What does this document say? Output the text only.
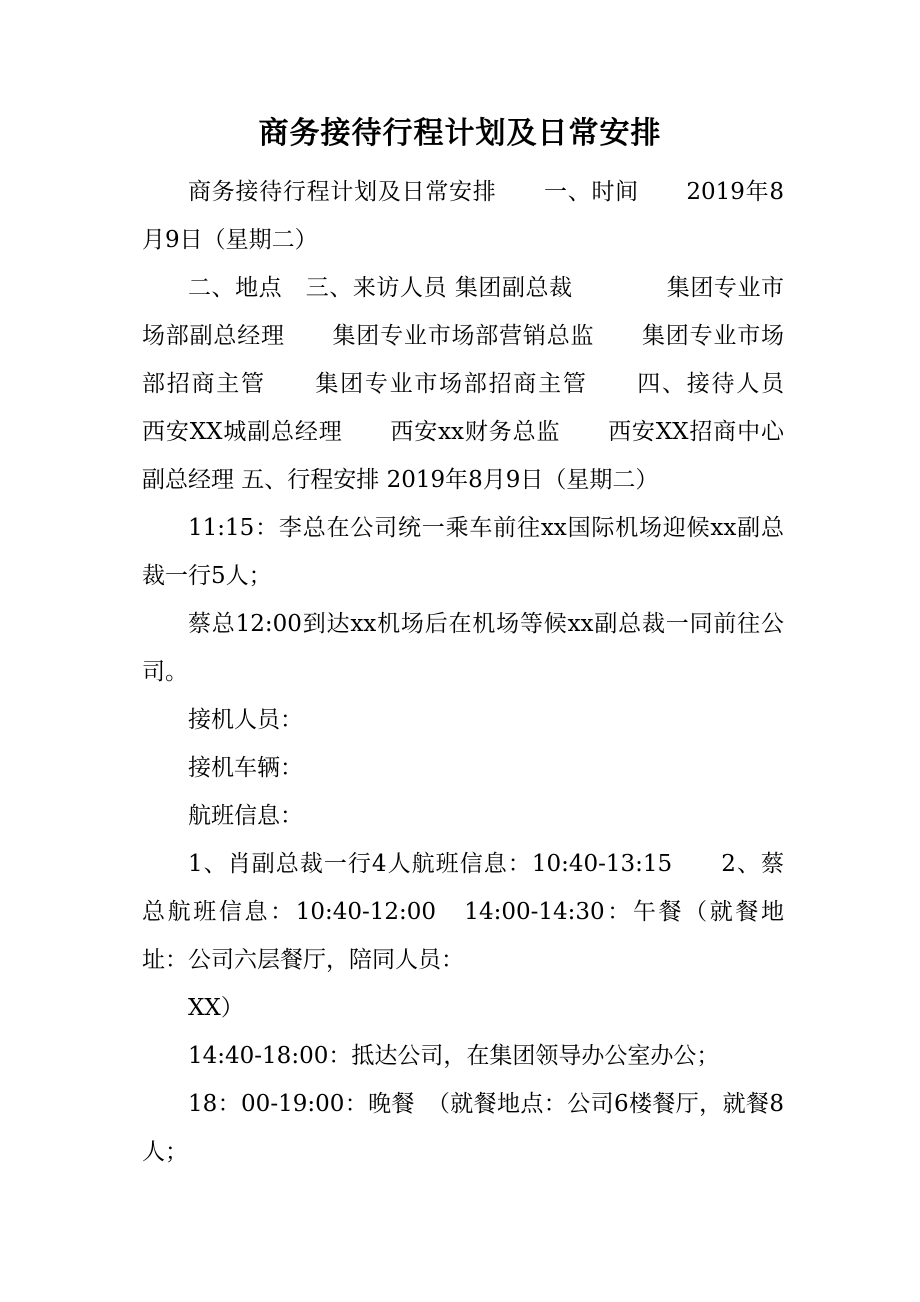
商务接待行程计划及日常安排

商务接待行程计划及日常安排　　一、时间　　2019年8月9日（星期二）

二、地点　三、来访人员 集团副总裁　　　　集团专业市场部副总经理　　集团专业市场部营销总监　　集团专业市场部招商主管　　集团专业市场部招商主管　　四、接待人员　西安XX城副总经理　　西安xx财务总监　　西安XX招商中心副总经理 五、行程安排 2019年8月9日（星期二）

11:15：李总在公司统一乘车前往xx国际机场迎候xx副总裁一行5人；

蔡总12:00到达xx机场后在机场等候xx副总裁一同前往公司。

接机人员：

接机车辆：

航班信息：

1、肖副总裁一行4人航班信息：10:40-13:15　　2、蔡总航班信息：10:40-12:00　14:00-14:30：午餐（就餐地址：公司六层餐厅，陪同人员：

XX）

14:40-18:00：抵达公司，在集团领导办公室办公；

18：00-19:00：晚餐　（就餐地点：公司6楼餐厅，就餐8人；
